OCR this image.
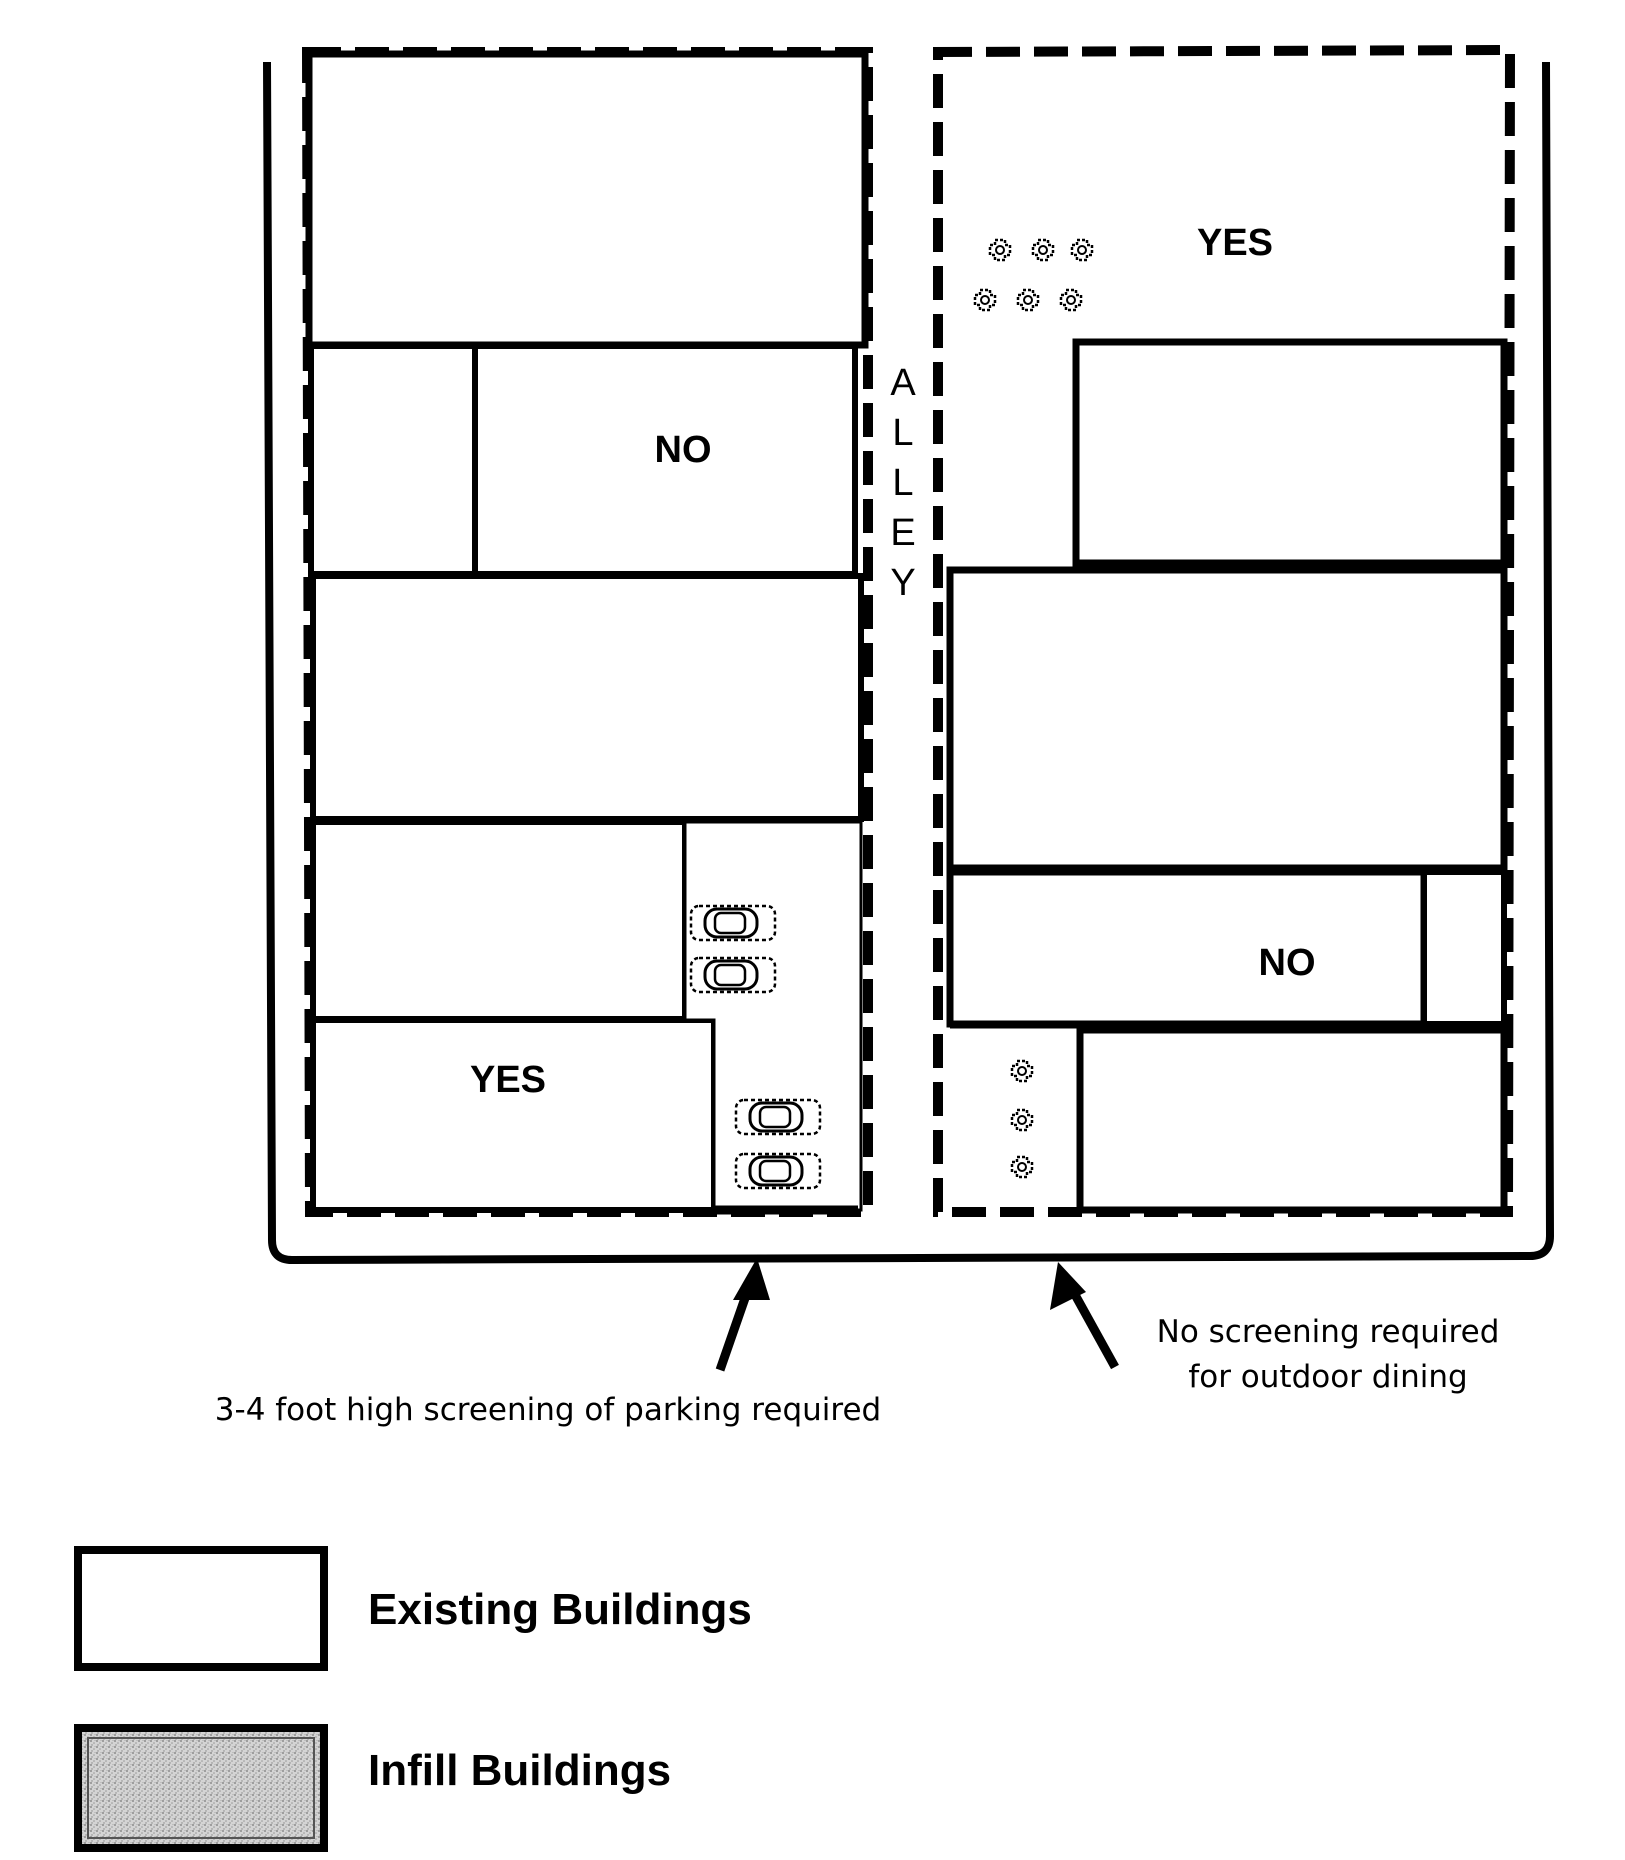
A
L
L
E
Y
NO
YES
YES
NO
3-4 foot high screening of parking required
No screening required
for outdoor dining
Existing Buildings
Infill Buildings
